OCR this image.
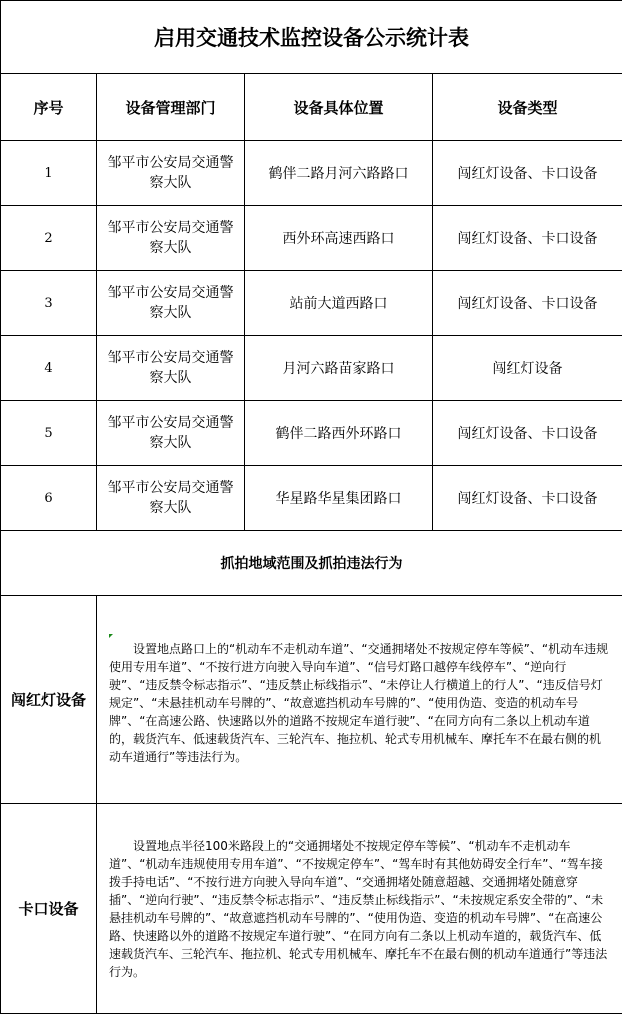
启用交通技术监控设备公示统计表			
序号	设备管理部门	设备具体位置	设备类型
1	邹平市公安局交通警察大队	鹤伴二路月河六路路口	闯红灯设备、卡口设备
2	邹平市公安局交通警察大队	西外环高速西路口	闯红灯设备、卡口设备
3	邹平市公安局交通警察大队	站前大道西路口	闯红灯设备、卡口设备
4	邹平市公安局交通警察大队	月河六路苗家路口	闯红灯设备
5	邹平市公安局交通警察大队	鹤伴二路西外环路口	闯红灯设备、卡口设备
6	邹平市公安局交通警察大队	华星路华星集团路口	闯红灯设备、卡口设备
抓拍地域范围及抓拍违法行为			
闯红灯设备	设置地点路口上的“机动车不走机动车道”、“交通拥堵处不按规定停车等候”、“机动车违规使用专用车道”、“不按行进方向驶入导向车道”、“信号灯路口越停车线停车”、“逆向行驶”、“违反禁令标志指示”、“违反禁止标线指示”、“未停让人行横道上的行人”、“违反信号灯规定”、“未悬挂机动车号牌的”、“故意遮挡机动车号牌的”、“使用伪造、变造的机动车号牌”、“在高速公路、快速路以外的道路不按规定车道行驶”、“在同方向有二条以上机动车道的，载货汽车、低速载货汽车、三轮汽车、拖拉机、轮式专用机械车、摩托车不在最右侧的机动车道通行”等违法行为。		

卡口设备	设置地点半径100米路段上的“交通拥堵处不按规定停车等候”、“机动车不走机动车道”、“机动车违规使用专用车道”、“不按规定停车”、“驾车时有其他妨碍安全行车”、“驾车接拨手持电话”、“不按行进方向驶入导向车道”、“交通拥堵处随意超越、交通拥堵处随意穿插”、“逆向行驶”、“违反禁令标志指示”、“违反禁止标线指示”、“未按规定系安全带的”、“未悬挂机动车号牌的”、“故意遮挡机动车号牌的”、“使用伪造、变造的机动车号牌”、“在高速公路、快速路以外的道路不按规定车道行驶”、“在同方向有二条以上机动车道的，载货汽车、低速载货汽车、三轮汽车、拖拉机、轮式专用机械车、摩托车不在最右侧的机动车道通行”等违法行为。		
